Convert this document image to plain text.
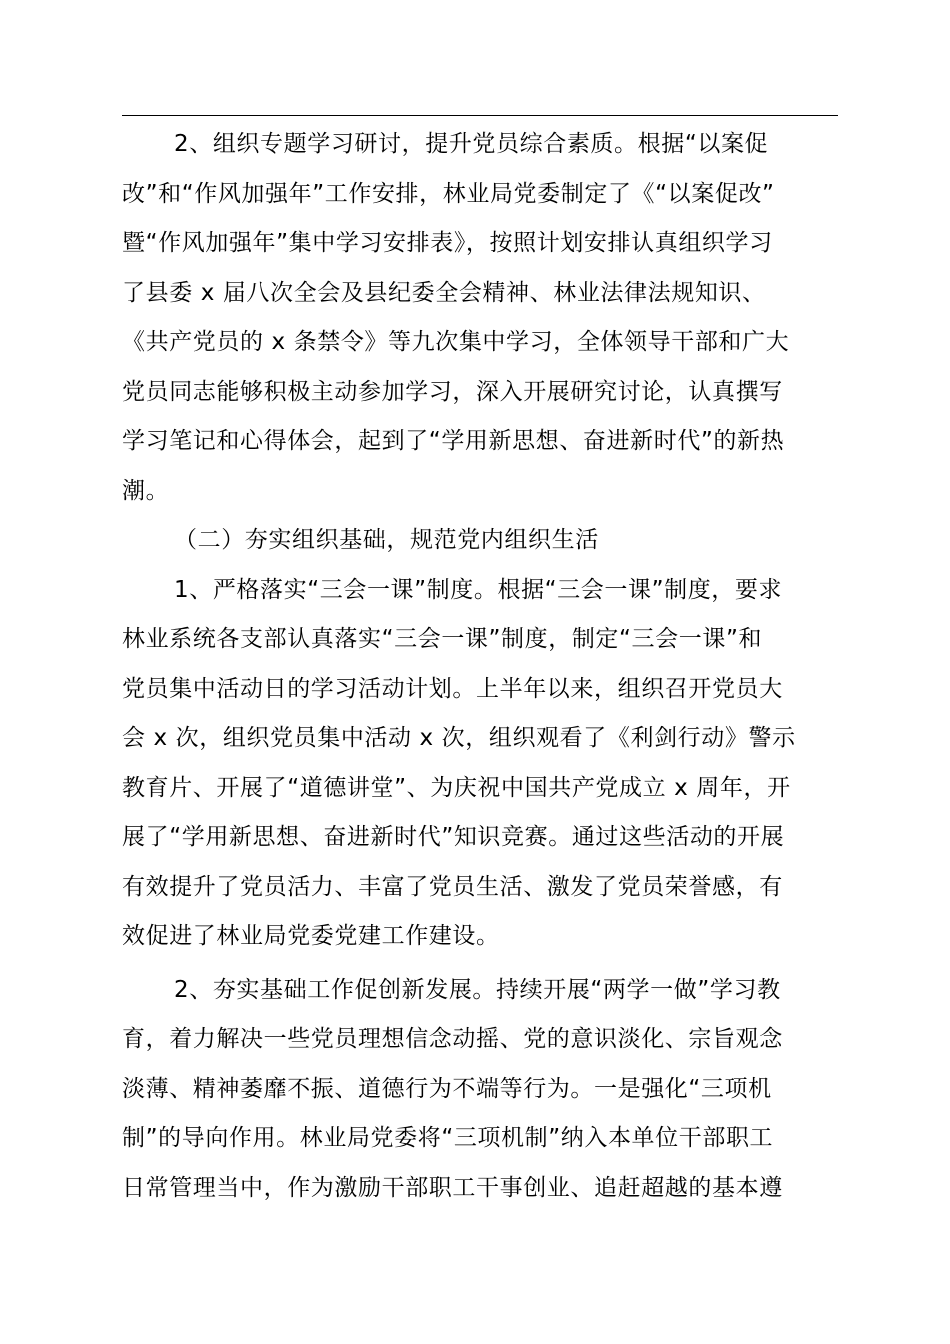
2、组织专题学习研讨，提升党员综合素质。根据“以案促
改”和“作风加强年”工作安排，林业局党委制定了《“以案促改”
暨“作风加强年”集中学习安排表》，按照计划安排认真组织学习
了县委 x 届八次全会及县纪委全会精神、林业法律法规知识、
《共产党员的 x 条禁令》等九次集中学习，全体领导干部和广大
党员同志能够积极主动参加学习，深入开展研究讨论，认真撰写
学习笔记和心得体会，起到了“学用新思想、奋进新时代”的新热
潮。

（二）夯实组织基础，规范党内组织生活

1、严格落实“三会一课”制度。根据“三会一课”制度，要求
林业系统各支部认真落实“三会一课”制度，制定“三会一课”和
党员集中活动日的学习活动计划。上半年以来，组织召开党员大
会 x 次，组织党员集中活动 x 次，组织观看了《利剑行动》警示
教育片、开展了“道德讲堂”、为庆祝中国共产党成立 x 周年，开
展了“学用新思想、奋进新时代”知识竞赛。通过这些活动的开展
有效提升了党员活力、丰富了党员生活、激发了党员荣誉感，有
效促进了林业局党委党建工作建设。

2、夯实基础工作促创新发展。持续开展“两学一做”学习教
育，着力解决一些党员理想信念动摇、党的意识淡化、宗旨观念
淡薄、精神萎靡不振、道德行为不端等行为。一是强化“三项机
制”的导向作用。林业局党委将“三项机制”纳入本单位干部职工
日常管理当中，作为激励干部职工干事创业、追赶超越的基本遵
